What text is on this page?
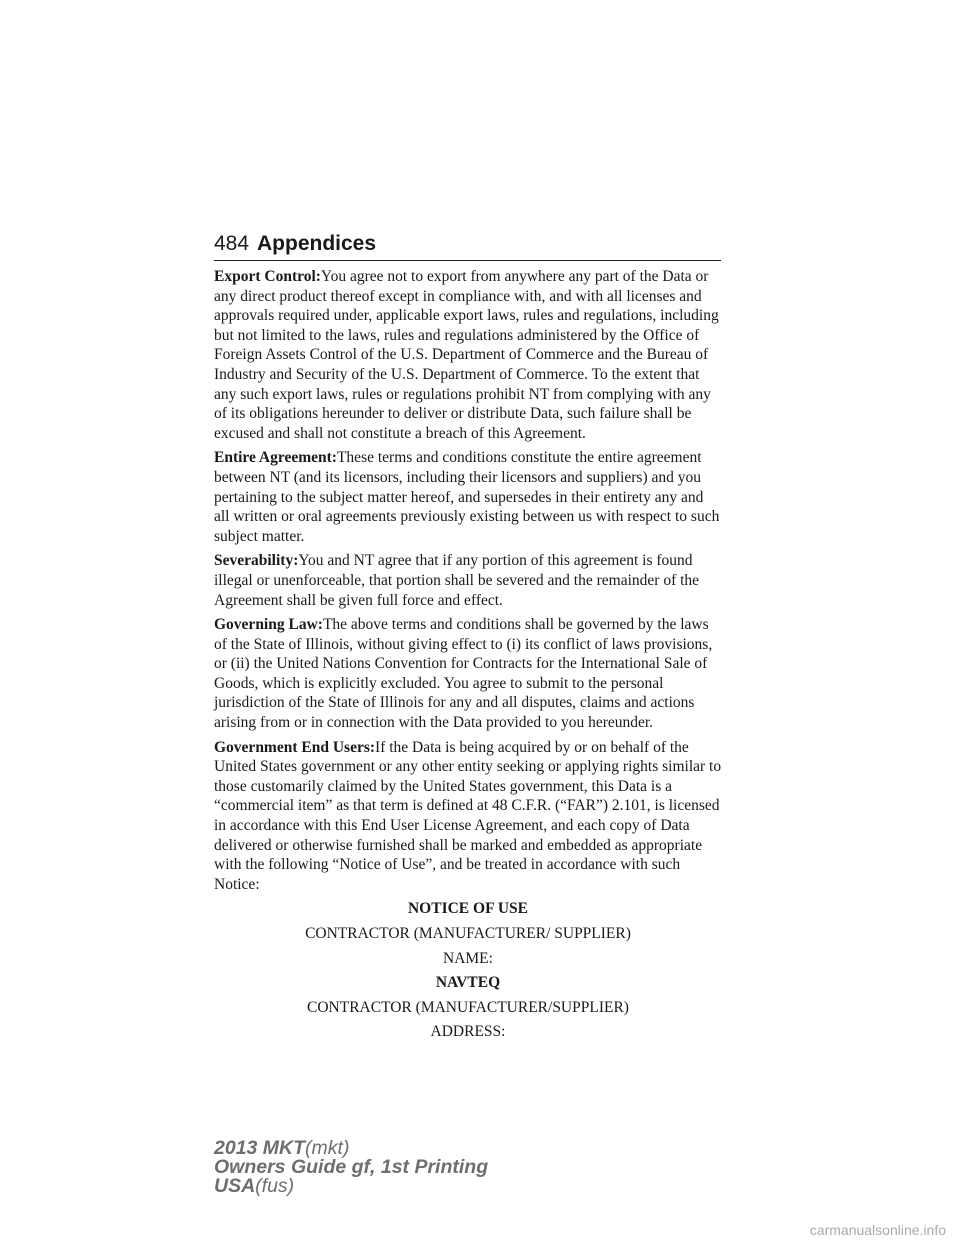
484 Appendices

Export Control:You agree not to export from anywhere any part of the Data or any direct product thereof except in compliance with, and with all licenses and approvals required under, applicable export laws, rules and regulations, including but not limited to the laws, rules and regulations administered by the Office of Foreign Assets Control of the U.S. Department of Commerce and the Bureau of Industry and Security of the U.S. Department of Commerce. To the extent that any such export laws, rules or regulations prohibit NT from complying with any of its obligations hereunder to deliver or distribute Data, such failure shall be excused and shall not constitute a breach of this Agreement.

Entire Agreement:These terms and conditions constitute the entire agreement between NT (and its licensors, including their licensors and suppliers) and you pertaining to the subject matter hereof, and supersedes in their entirety any and all written or oral agreements previously existing between us with respect to such subject matter.

Severability:You and NT agree that if any portion of this agreement is found illegal or unenforceable, that portion shall be severed and the remainder of the Agreement shall be given full force and effect.

Governing Law:The above terms and conditions shall be governed by the laws of the State of Illinois, without giving effect to (i) its conflict of laws provisions, or (ii) the United Nations Convention for Contracts for the International Sale of Goods, which is explicitly excluded. You agree to submit to the personal jurisdiction of the State of Illinois for any and all disputes, claims and actions arising from or in connection with the Data provided to you hereunder.

Government End Users:If the Data is being acquired by or on behalf of the United States government or any other entity seeking or applying rights similar to those customarily claimed by the United States government, this Data is a “commercial item” as that term is defined at 48 C.F.R. (“FAR”) 2.101, is licensed in accordance with this End User License Agreement, and each copy of Data delivered or otherwise furnished shall be marked and embedded as appropriate with the following “Notice of Use”, and be treated in accordance with such Notice:

NOTICE OF USE
CONTRACTOR (MANUFACTURER/ SUPPLIER)
NAME:
NAVTEQ
CONTRACTOR (MANUFACTURER/SUPPLIER)
ADDRESS:
2013 MKT(mkt)
Owners Guide gf, 1st Printing
USA(fus)
carmanualsonline.info
